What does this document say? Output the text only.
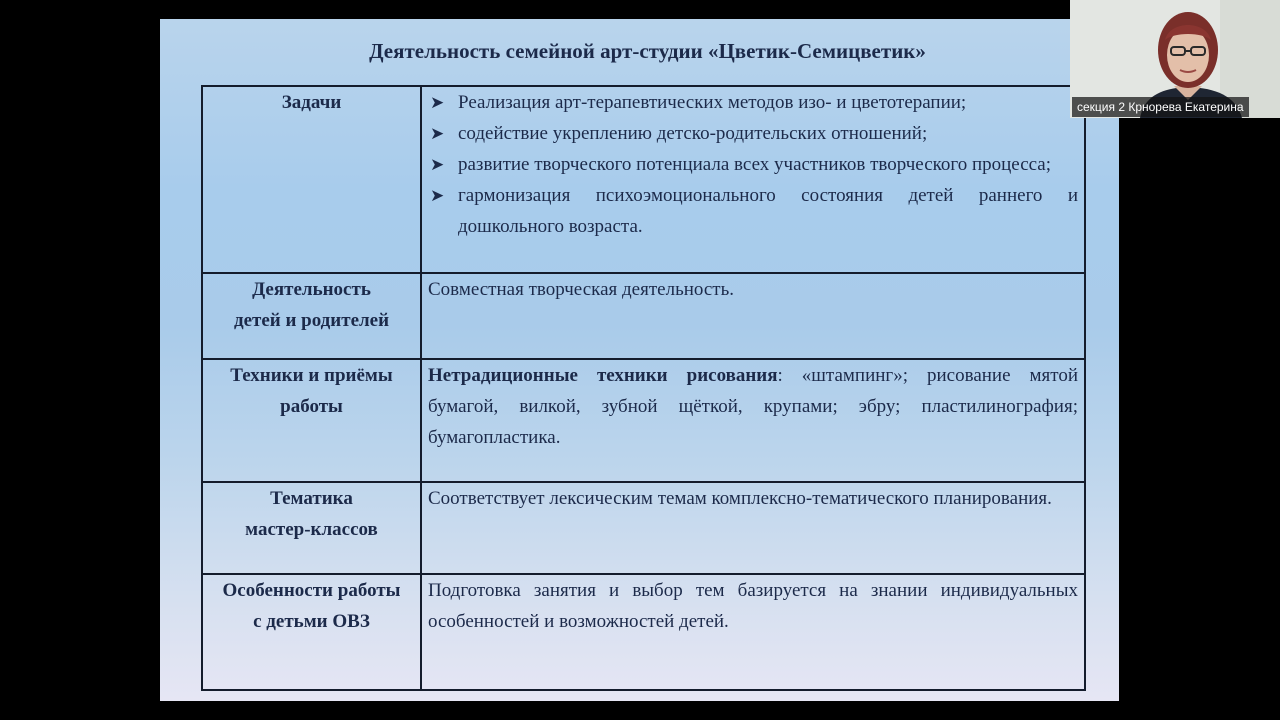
Деятельность семейной арт-студии «Цветик-Семицветик»
Задачи	➤ Реализация арт-терапевтических методов изо- и цветотерапии;
➤ содействие укреплению детско-родительских отношений;
➤ развитие творческого потенциала всех участников творческого процесса;
➤ гармонизация психоэмоционального состояния детей раннего и дошкольного возраста.
Деятельность
детей и родителей
Совместная творческая деятельность.
Техники и приёмы
работы
Нетрадиционные техники рисования: «штампинг»; рисование мятой бумагой, вилкой, зубной щёткой, крупами; эбру; пластилинография; бумагопластика.
Тематика
мастер-классов
Соответствует лексическим темам комплексно-тематического планирования.
Особенности работы
с детьми ОВЗ
Подготовка занятия и выбор тем базируется на знании индивидуальных особенностей и возможностей детей.
секция 2 Крнорева Екатерина
